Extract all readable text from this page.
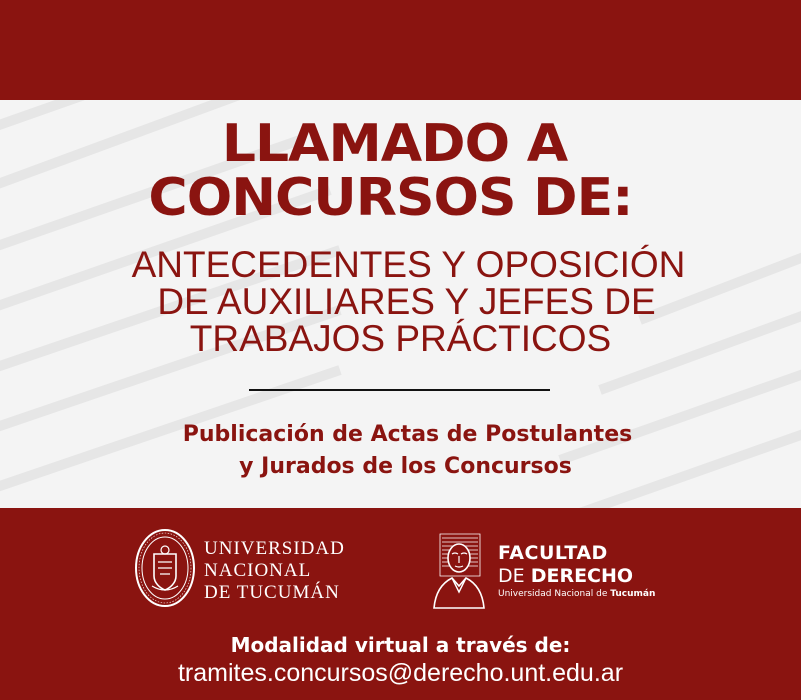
LLAMADO A
CONCURSOS DE:
ANTECEDENTES Y OPOSICIÓN
DE AUXILIARES Y JEFES DE
TRABAJOS PRÁCTICOS
Publicación de Actas de Postulantes
y Jurados de los Concursos
UNIVERSIDAD
NACIONAL
DE TUCUMÁN
FACULTAD
DE DERECHO
Universidad Nacional de Tucumán
Modalidad virtual a través de:
tramites.concursos@derecho.unt.edu.ar
